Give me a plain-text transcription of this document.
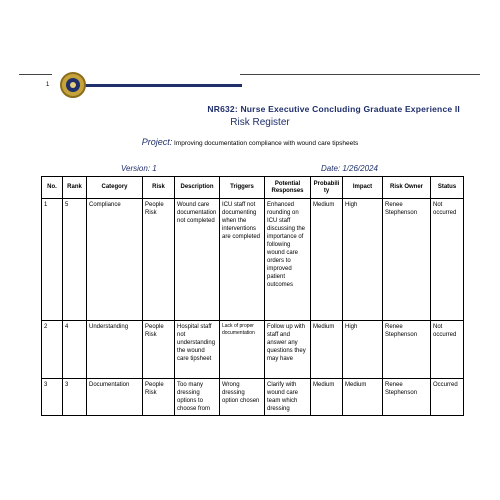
1
NR632: Nurse Executive Concluding Graduate Experience II
Risk Register
Project: Improving documentation compliance with wound care tipsheets
Version: 1	Date: 1/26/2024
No.	Rank	Category	Risk	Description	Triggers	Potential Responses	Probabili ty	Impact	Risk Owner	Status
1	5	Compliance	People Risk	Wound care documentation not completed	ICU staff not documenting when the interventions are completed	Enhanced rounding on ICU staff discussing the importance of following wound care orders to improved patient outcomes	Medium	High	Renee Stephenson	Not occurred
2	4	Understanding	People Risk	Hospital staff not understanding the wound care tipsheet	Lack of proper documentation	Follow up with staff and answer any questions they may have	Medium	High	Renee Stephenson	Not occurred
3	3	Documentation	People Risk	Too many dressing options to choose from	Wrong dressing option chosen	Clarify with wound care team which dressing	Medium	Medium	Renee Stephenson	Occurred
